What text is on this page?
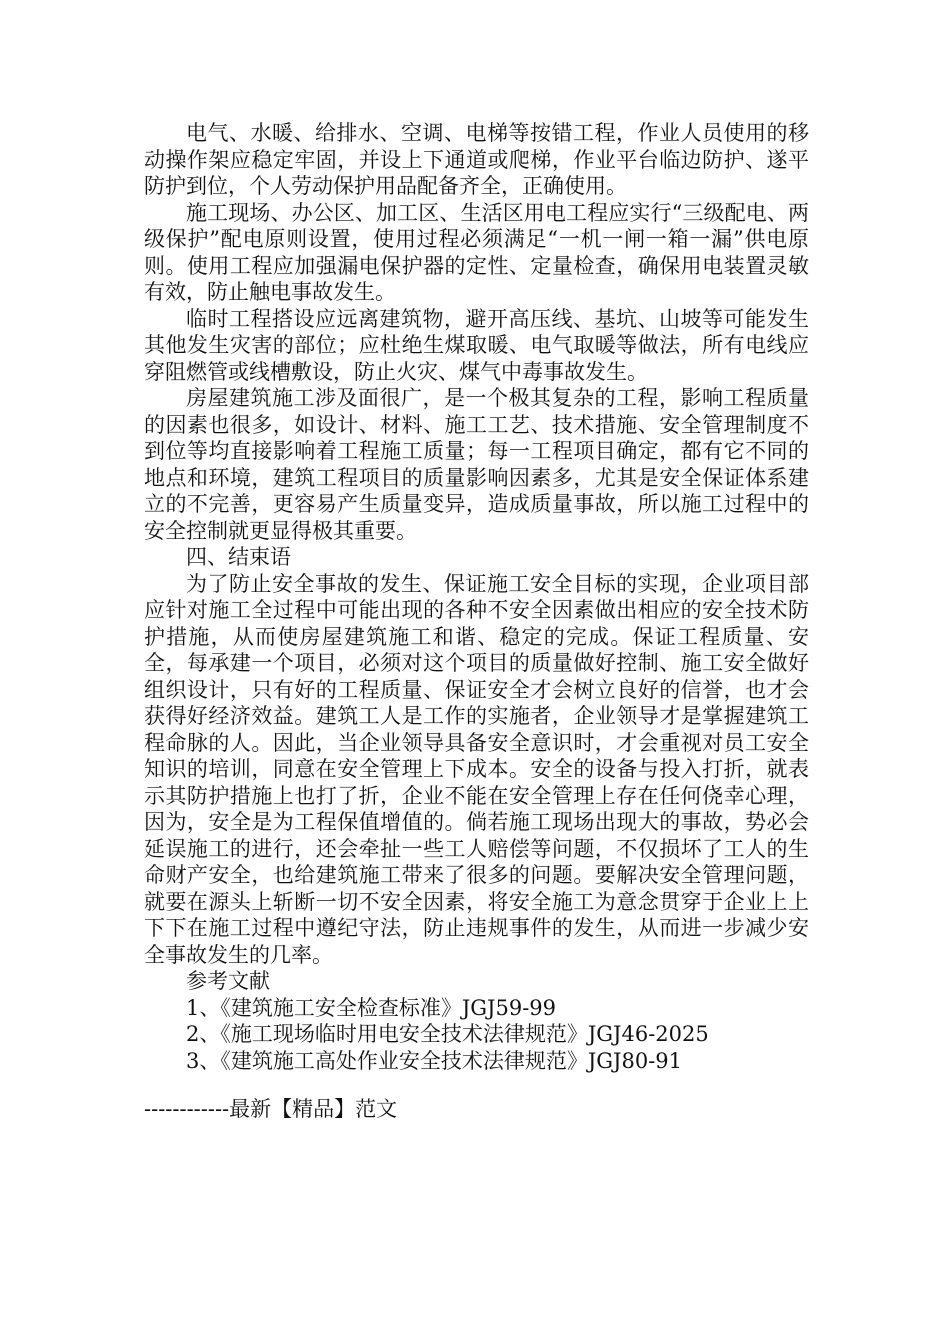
电气、水暖、给排水、空调、电梯等按错工程，作业人员使用的移动操作架应稳定牢固，并设上下通道或爬梯，作业平台临边防护、遂平防护到位，个人劳动保护用品配备齐全，正确使用。

施工现场、办公区、加工区、生活区用电工程应实行“三级配电、两级保护”配电原则设置，使用过程必须满足“一机一闸一箱一漏”供电原则。使用工程应加强漏电保护器的定性、定量检查，确保用电装置灵敏有效，防止触电事故发生。

临时工程搭设应远离建筑物，避开高压线、基坑、山坡等可能发生其他发生灾害的部位；应杜绝生煤取暖、电气取暖等做法，所有电线应穿阻燃管或线槽敷设，防止火灾、煤气中毒事故发生。

房屋建筑施工涉及面很广，是一个极其复杂的工程，影响工程质量的因素也很多，如设计、材料、施工工艺、技术措施、安全管理制度不到位等均直接影响着工程施工质量；每一工程项目确定，都有它不同的地点和环境，建筑工程项目的质量影响因素多，尤其是安全保证体系建立的不完善，更容易产生质量变异，造成质量事故，所以施工过程中的安全控制就更显得极其重要。

四、结束语

为了防止安全事故的发生、保证施工安全目标的实现，企业项目部应针对施工全过程中可能出现的各种不安全因素做出相应的安全技术防护措施，从而使房屋建筑施工和谐、稳定的完成。保证工程质量、安全，每承建一个项目，必须对这个项目的质量做好控制、施工安全做好组织设计，只有好的工程质量、保证安全才会树立良好的信誉，也才会获得好经济效益。建筑工人是工作的实施者，企业领导才是掌握建筑工程命脉的人。因此，当企业领导具备安全意识时，才会重视对员工安全知识的培训，同意在安全管理上下成本。安全的设备与投入打折，就表示其防护措施上也打了折，企业不能在安全管理上存在任何侥幸心理，因为，安全是为工程保值增值的。倘若施工现场出现大的事故，势必会延误施工的进行，还会牵扯一些工人赔偿等问题，不仅损坏了工人的生命财产安全，也给建筑施工带来了很多的问题。要解决安全管理问题，就要在源头上斩断一切不安全因素，将安全施工为意念贯穿于企业上上下下在施工过程中遵纪守法，防止违规事件的发生，从而进一步减少安全事故发生的几率。

参考文献

1、《建筑施工安全检查标准》JGJ59-99
2、《施工现场临时用电安全技术法律规范》JGJ46-2025
3、《建筑施工高处作业安全技术法律规范》JGJ80-91
------------最新【精品】范文
